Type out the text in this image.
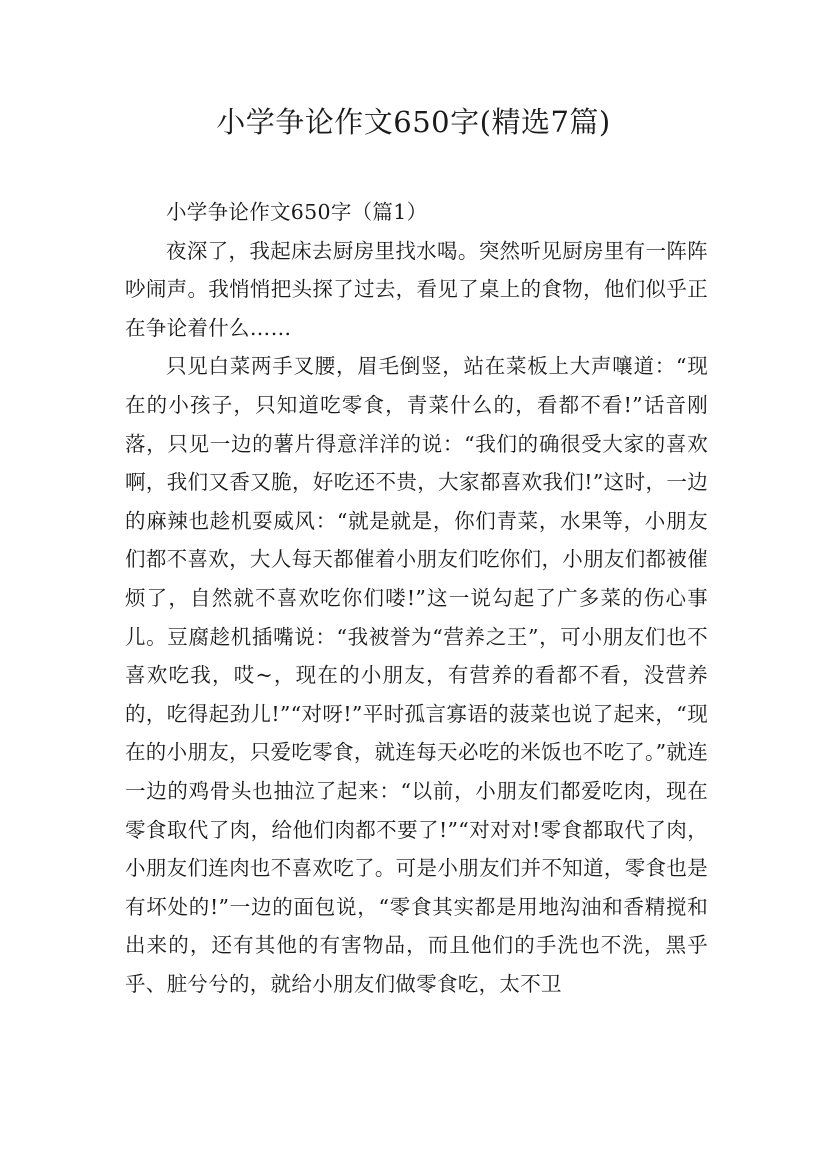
小学争论作文650字(精选7篇)

小学争论作文650字（篇1）

夜深了，我起床去厨房里找水喝。突然听见厨房里有一阵阵吵闹声。我悄悄把头探了过去，看见了桌上的食物，他们似乎正在争论着什么……

只见白菜两手叉腰，眉毛倒竖，站在菜板上大声嚷道：“现在的小孩子，只知道吃零食，青菜什么的，看都不看!”话音刚落，只见一边的薯片得意洋洋的说：“我们的确很受大家的喜欢啊，我们又香又脆，好吃还不贵，大家都喜欢我们!”这时，一边的麻辣也趁机耍威风：“就是就是，你们青菜，水果等，小朋友们都不喜欢，大人每天都催着小朋友们吃你们，小朋友们都被催烦了，自然就不喜欢吃你们喽!”这一说勾起了广多菜的伤心事儿。豆腐趁机插嘴说：“我被誉为“营养之王”，可小朋友们也不喜欢吃我，哎~，现在的小朋友，有营养的看都不看，没营养的，吃得起劲儿!”“对呀!”平时孤言寡语的菠菜也说了起来，“现在的小朋友，只爱吃零食，就连每天必吃的米饭也不吃了。”就连一边的鸡骨头也抽泣了起来：“以前，小朋友们都爱吃肉，现在零食取代了肉，给他们肉都不要了!”“对对对!零食都取代了肉，小朋友们连肉也不喜欢吃了。可是小朋友们并不知道，零食也是有坏处的!”一边的面包说，“零食其实都是用地沟油和香精搅和出来的，还有其他的有害物品，而且他们的手洗也不洗，黑乎乎、脏兮兮的，就给小朋友们做零食吃，太不卫
